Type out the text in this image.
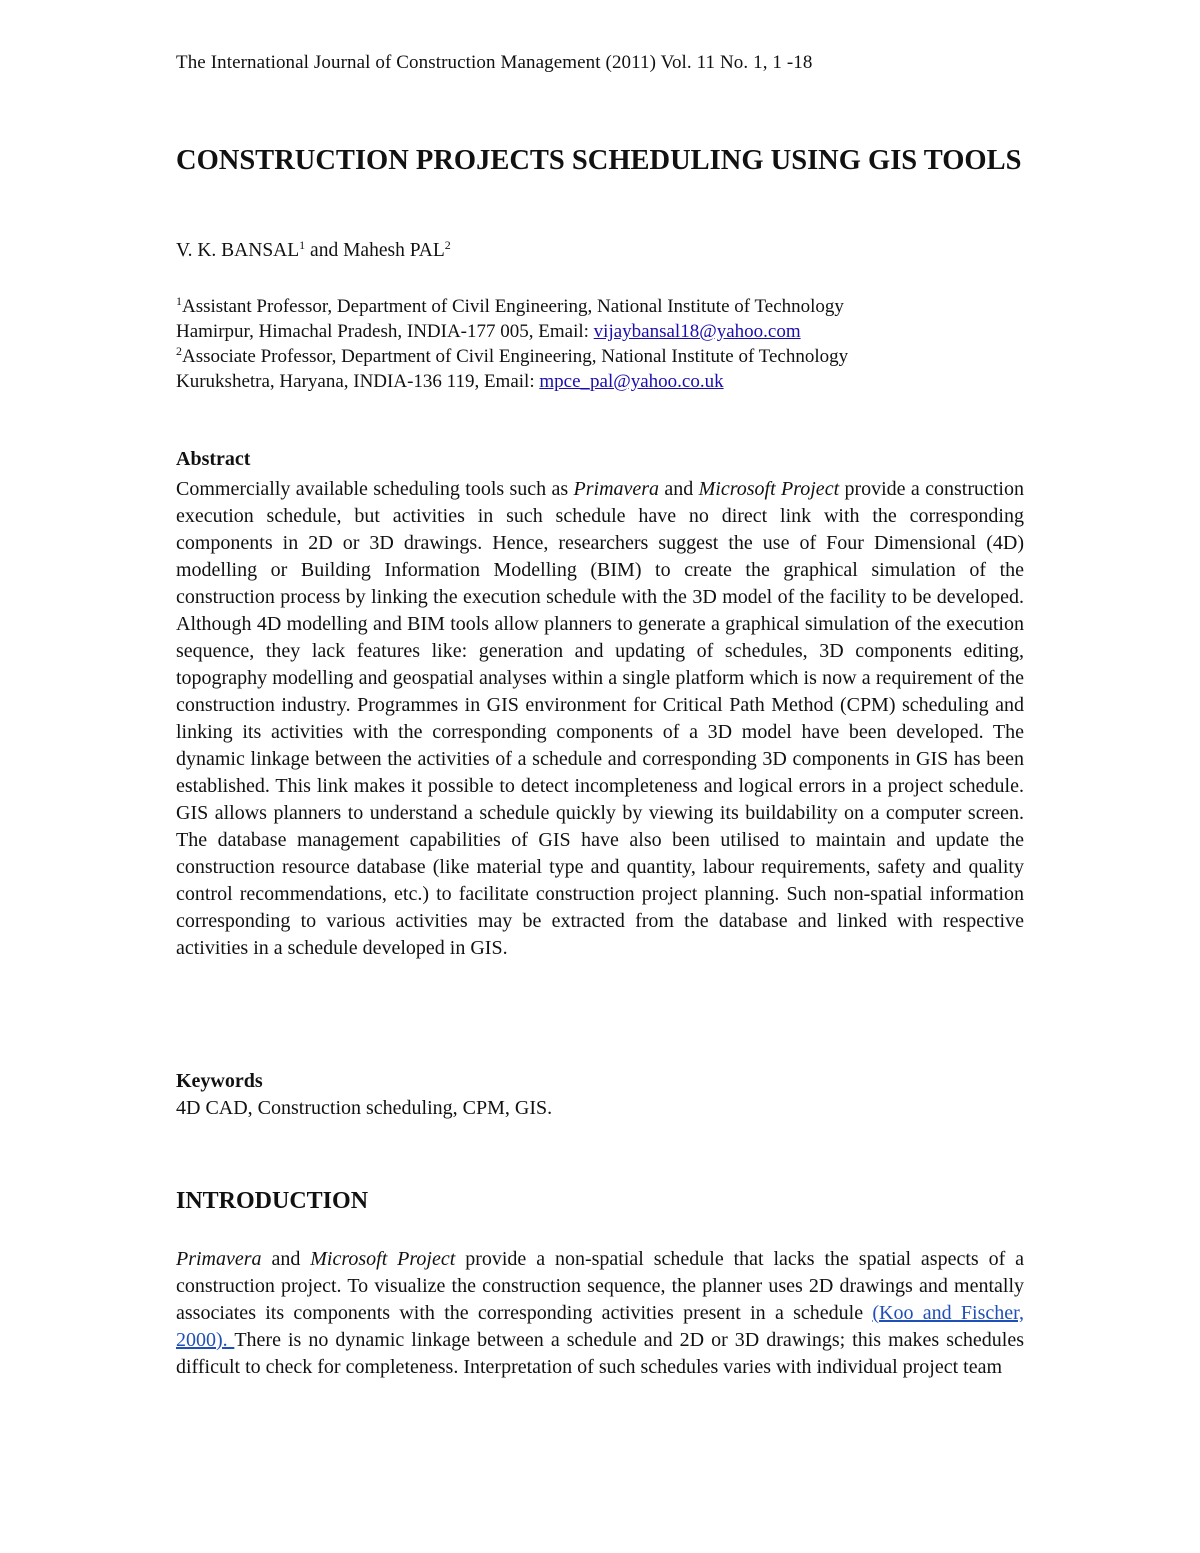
The International Journal of Construction Management (2011) Vol. 11 No. 1, 1 -18
CONSTRUCTION PROJECTS SCHEDULING USING GIS TOOLS
V. K. BANSAL$^1$ and Mahesh PAL$^2$
$^1$Assistant Professor, Department of Civil Engineering, National Institute of Technology
Hamirpur, Himachal Pradesh, INDIA-177 005, Email: vijaybansal18@yahoo.com
$^2$Associate Professor, Department of Civil Engineering, National Institute of Technology
Kurukshetra, Haryana, INDIA-136 119, Email: mpce_pal@yahoo.co.uk
Abstract

Commercially available scheduling tools such as Primavera and Microsoft Project provide a construction execution schedule, but activities in such schedule have no direct link with the corresponding components in 2D or 3D drawings. Hence, researchers suggest the use of Four Dimensional (4D) modelling or Building Information Modelling (BIM) to create the graphical simulation of the construction process by linking the execution schedule with the 3D model of the facility to be developed. Although 4D modelling and BIM tools allow planners to generate a graphical simulation of the execution sequence, they lack features like: generation and updating of schedules, 3D components editing, topography modelling and geospatial analyses within a single platform which is now a requirement of the construction industry. Programmes in GIS environment for Critical Path Method (CPM) scheduling and linking its activities with the corresponding components of a 3D model have been developed. The dynamic linkage between the activities of a schedule and corresponding 3D components in GIS has been established. This link makes it possible to detect incompleteness and logical errors in a project schedule. GIS allows planners to understand a schedule quickly by viewing its buildability on a computer screen. The database management capabilities of GIS have also been utilised to maintain and update the construction resource database (like material type and quantity, labour requirements, safety and quality control recommendations, etc.) to facilitate construction project planning. Such non-spatial information corresponding to various activities may be extracted from the database and linked with respective activities in a schedule developed in GIS.

Keywords
4D CAD, Construction scheduling, CPM, GIS.
INTRODUCTION

Primavera and Microsoft Project provide a non-spatial schedule that lacks the spatial aspects of a construction project. To visualize the construction sequence, the planner uses 2D drawings and mentally associates its components with the corresponding activities present in a schedule (Koo and Fischer, 2000). There is no dynamic linkage between a schedule and 2D or 3D drawings; this makes schedules difficult to check for completeness. Interpretation of such schedules varies with individual project team
